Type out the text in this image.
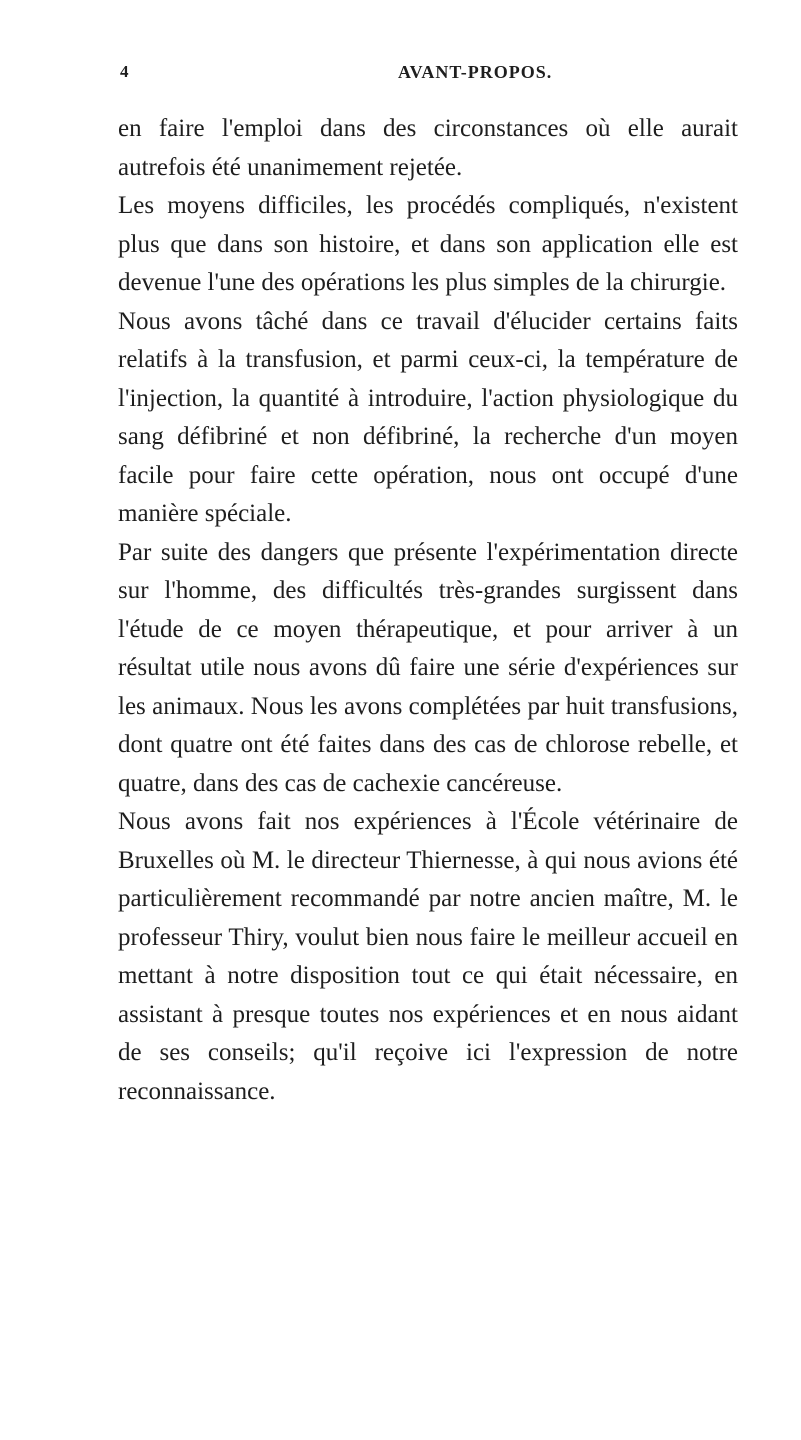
4	AVANT-PROPOS.

en faire l'emploi dans des circonstances où elle aurait autrefois été unanimement rejetée.

Les moyens difficiles, les procédés compliqués, n'existent plus que dans son histoire, et dans son application elle est devenue l'une des opérations les plus simples de la chirurgie.

Nous avons tâché dans ce travail d'élucider certains faits relatifs à la transfusion, et parmi ceux-ci, la température de l'injection, la quantité à introduire, l'action physiologique du sang défibriné et non défibriné, la recherche d'un moyen facile pour faire cette opération, nous ont occupé d'une manière spéciale.

Par suite des dangers que présente l'expérimentation directe sur l'homme, des difficultés très-grandes surgissent dans l'étude de ce moyen thérapeutique, et pour arriver à un résultat utile nous avons dû faire une série d'expériences sur les animaux. Nous les avons complétées par huit transfusions, dont quatre ont été faites dans des cas de chlorose rebelle, et quatre, dans des cas de cachexie cancéreuse.

Nous avons fait nos expériences à l'École vétérinaire de Bruxelles où M. le directeur Thiernesse, à qui nous avions été particulièrement recommandé par notre ancien maître, M. le professeur Thiry, voulut bien nous faire le meilleur accueil en mettant à notre disposition tout ce qui était nécessaire, en assistant à presque toutes nos expériences et en nous aidant de ses conseils; qu'il reçoive ici l'expression de notre reconnaissance.
